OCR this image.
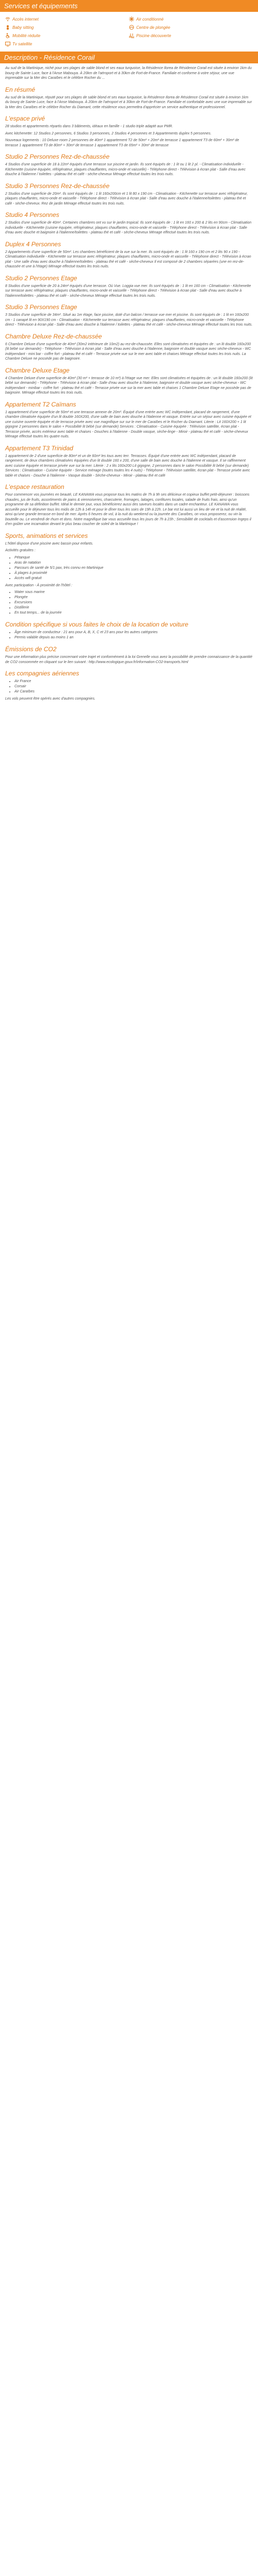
Services et équipements
Accès internet	Air conditionné
Baby sitting	Centre de plongée
Mobilité réduite	Piscine découverte
Tv satellite
Description - Résidence Corail
Au sud de la Martinique, niché pour ses plages de sable blond et ses eaux turquoise, la Résidence Ilorea de Résidence Corail est située à environ 1km du bourg de Sainte Luce, face à l'Anse Mabouya. À 20km de l'aéroport et à 30km de Fort-de-France. Familiale et conforme à votre séjour, une vue imprenable sur la Mer des Caraïbes et le célèbre Rocher du ...
En résumé
Au sud de la Martinique, réputé pour ses plages de sable blond et ses eaux turquoise, la Résidence Ilorea de Résidence Corail est située à environ 1km du bourg de Sainte Luce, face à l'Anse Mabouya. À 20km de l'aéroport et à 30km de Fort-de-France. Familiale et confortable avec une vue imprenable sur la Mer des Caraïbes et le célèbre Rocher du Diamant, cette résidence vous permettra d'apprécier un service authentique et professionnel.
L'espace privé
28 studios et appartements répartis dans 3 bâtiments, idéaux en famille - 1 studio triple adapté aux PMR.
Avec kitchenette: 12 Studios 2 personnes, 6 Studios 3 personnes, 2 Studios 4 personnes et 3 Appartements duplex 5 personnes.
Nouveaux logements : 10 Deluxe room 2 personnes de 40m² 1 appartement T2 de 50m² + 20m² de terrasse 1 appartement T3 de 60m² + 30m² de terrasse 1 appartement T3 de 80m² + 30m² de terrasse 1 appartement T3 de 65m² + 30m² de terrasse
Studio 2 Personnes Rez-de-chaussée
4 Studios d'une superficie de 18 à 22m² équipés d'une terrasse sur piscine et jardin. Ils sont équipés de : 1 lit ou 1 lit 2 pl. - Climatisation individuelle - Kitchenette (cuisine équipée, réfrigérateur, plaques chauffantes, micro-onde et vaisselle) - Téléphone direct - Télévision à écran plat - Salle d'eau avec douche à l'italienne / toilettes - plateau thé et café - sèche-cheveux Ménage effectué toutes les trois nuits.
Studio 3 Personnes Rez-de-chaussée
2 Studios d'une superficie de 20m². Ils sont équipés de : 1 lit 160x200cm et 1 lit 80 x 190 cm - Climatisation - Kitchenette sur terrasse avec réfrigérateur, plaques chauffantes, micro-onde et vaisselle - Téléphone direct - Télévision à écran plat - Salle d'eau avec douche à l'italienne/toilettes - plateau thé et café - sèche-cheveux. Rez de jardin Ménage effectué toutes les trois nuits.
Studio 4 Personnes
2 Studios d'une superficie de 40m². Certaines chambres ont vu sur le jardin tropical. Ils sont équipés de : 1 lit en 160 x 200 & 2 lits en 90cm - Climatisation individuelle - Kitchenette (cuisine équipée, réfrigérateur, plaques chauffantes, micro-onde et vaisselle - Téléphone direct - Télévision à écran plat - Salle d'eau avec douche et baignoire à l'italienne/toilettes - plateau thé et café - sèche-cheveux Ménage effectué toutes les trois nuits.
Duplex 4 Personnes
2 Appartements d'une superficie de 50m². Les chambres bénéficient de la vue sur la mer. Ils sont équipés de : 1 lit 160 x 190 cm et 2 lits 90 x 190 - Climatisation individuelle - Kitchenette sur terrasse avec réfrigérateur, plaques chauffantes, micro-onde et vaisselle - Téléphone direct - Télévision à écran plat - Une salle d'eau avec douche à l'italienne/toilettes - plateau thé et café - sèche-cheveux Il est composé de 2 chambres séparées (une en rez-de-chaussée et une à l'étage) Ménage effectué toutes les trois nuits.
Studio 2 Personnes Etage
8 Studios d'une superficie de 20 à 24m² équipés d'une terrasse. Où Vue. Loggia vue mer. Ils sont équipés de : 1 lit en 160 cm - Climatisation - Kitchenette sur terrasse avec réfrigérateur, plaques chauffantes, micro-onde et vaisselle - Téléphone direct - Télévision à écran plat - Salle d'eau avec douche à l'italienne/toilettes - plateau thé et café - sèche-cheveux Ménage effectué toutes les trois nuits.
Studio 3 Personnes Etage
3 Studios d'une superficie de 34m². Situé au 1er étage, face piscine, doté d'un balcon / terrasse vue mer et piscine. Ils sont équipés de : 1 lit en 160x200 cm - 1 canapé lit en 90X190 cm - Climatisation - Kitchenette sur terrasse avec réfrigérateur, plaques chauffantes, micro-onde et vaisselle - Téléphone direct - Télévision à écran plat - Salle d'eau avec douche à l'italienne / toilettes - plateau thé et café - sèche-cheveux Ménage effectué toutes les trois nuits.
Chambre Deluxe Rez-de-chaussée
6 Chambre Deluxe d'une superficie de 40m² (30m2 intérieure de 10m2) au rez-de-chaussée. Elles sont climatisées et équipées de : un lit double 160x200 (lit bébé sur demande) - Téléphone - Télévision à écran plat - Salle d'eau avec douche à l'italienne, baignoire et double vasque avec sèche-cheveux - WC indépendant - mini bar - coffre fort - plateau thé et café - Terrasse privée vue sur le mer avec table et chaises Ménage effectué toutes les trois nuits. La Chambre Deluxe ne possède pas de baignoire.
Chambre Deluxe Etage
4 Chambre Deluxe d'une superficie de 40m² (30 m² + terrasse de 10 m²) à l'étage vue mer. Elles sont climatisées et équipées de : un lit double 160x200 (lit bébé sur demande) - Téléphone - Télévision à écran plat - Salle d'eau avec douche à l'italienne, baignoire et double vasque avec sèche-cheveux - WC indépendant - minibar - coffre fort - plateau thé et café - Terrasse privée vue sur la mer avec table et chaises 1 Chambre Deluxe Etage ne possède pas de baignoire. Ménage effectué toutes les trois nuits.
Appartement T2 Caïmans
1 appartement d'une superficie de 50m² et une terrasse annexe de 20m². Équipé d'une entrée avec WC indépendant, placard de rangement, d'une chambre climatisée équipée d'un lit double 160X200, d'une salle de bain avec douche à l'italienne et vasque. Entrée sur un séjour avec cuisine équipée et une cuisine ouverte équipée et de terrasse privée avec vue magnifique sur sur le mer de Caraïbes et le Rocher du Diamant. Literie : Lit 160X200 + 1 lit gigogne 2 personnes dans le salon + Possibilité lit bébé (sur demande) Services : Climatisation - Cuisine équipée : Télévision satellite, écran plat - Terrasse privée, accès extérieur avec table et chaises - Douches à l'italienne - Double vasque, sèche-linge - Miroir - plateau thé et café - sèche-cheveux Ménage effectué toutes les quatre nuits.
Appartement T3 Trinidad
1 appartement de 2 d'une superficie de 80m² et un de 60m² les tous avec terr. Terrasses. Équipé d'une entrée avec WC indépendant, placard de rangement, de deux chambres climatisées équipées d'un lit double 160 x 200, d'une salle de bain avec douche à l'italienne et vasque. Il se raffinement avec cuisine équipée et terrasse privée vue sur la mer. Literie : 2 x lits 160x200 Lit gigogne, 2 personnes dans le salon Possibilité lit bébé (sur demande) Services : Climatisation - Cuisine équipée - Service ménage (toutes toutes les 4 nuits) - Téléphone - Télévision satellite, écran plat - Terrasse privée avec table et chaises - Douche à l'italienne - Vasque double - Sèche-cheveux - Miroir - plateau thé et café
L'espace restauration
Pour commencer vos journées en beauté, LE KANAWA vous propose tous les matins de 7h à 9h ses délicieux et copieux buffet petit-déjeuner : boissons chaudes, jus de fruits, assortiments de pains & viennoiseries, charcuterie, fromages, laitages, confitures locales, salade de fruits frais, ainsi qu'un programme de sa définition buffet. Idéal le dernier jour, vous bénéficierez aussi des saveurs locales dans un cadre enchanteur. LE KANAWA vous accueille pour le déjeuner tous les midis de 12h à 14h et pour le dîner tous les soirs de 19h à 22h. Le bar est lui aussi un lieu de vie et la nuit de réalité, ainsi qu'une grande terrasse en bord de mer. Après 6 heures de vol, à la nuit du weekend ou la journée des Caraïbes, on vous proposerez, ou vin la bouteille ou. Le vendredi de rhum et dons. Notre magnifique bar vous accueille tous les jours de 7h à 23h ; Sensibilité de cocktails et d'ascension Ingeps il d'en goûter une incarnation devant le plus beau coucher de soleil de la Martinique !
Sports, animations et services
L'hôtel dispose d'une piscine avec bassin pour enfants.
Activités gratuites :
• Pétanque
• Aras de natation
• Parcours de santé de 5/1 pax, très connu en Martinique
• À plages à proximité
• Accès wifi gratuit
Avec participation - À proximité de l'hôtel :
• Water sous marine
• Plongée
• Excursions
• Distillerie
• En tout temps... de la journée
Condition spécifique si vous faites le choix de la location de voiture
• Âge minimum de conducteur : 21 ans pour A, B, X, C et 23 ans pour les autres catégories
• Permis valable depuis au moins 1 an
Émissions de CO2
Pour une information plus précise concernant votre trajet et conformément à la loi Grenelle vous avez la possibilité de prendre connaissance de la quantité de CO2 consommée en cliquant sur le lien suivant : http://www.ecologique.gouv.fr/information-CO2-transports.html
Les compagnies aériennes
• Air France
• Corsair
• Air Caraïbes
Les vols peuvent être opérés avec d'autres compagnies.
